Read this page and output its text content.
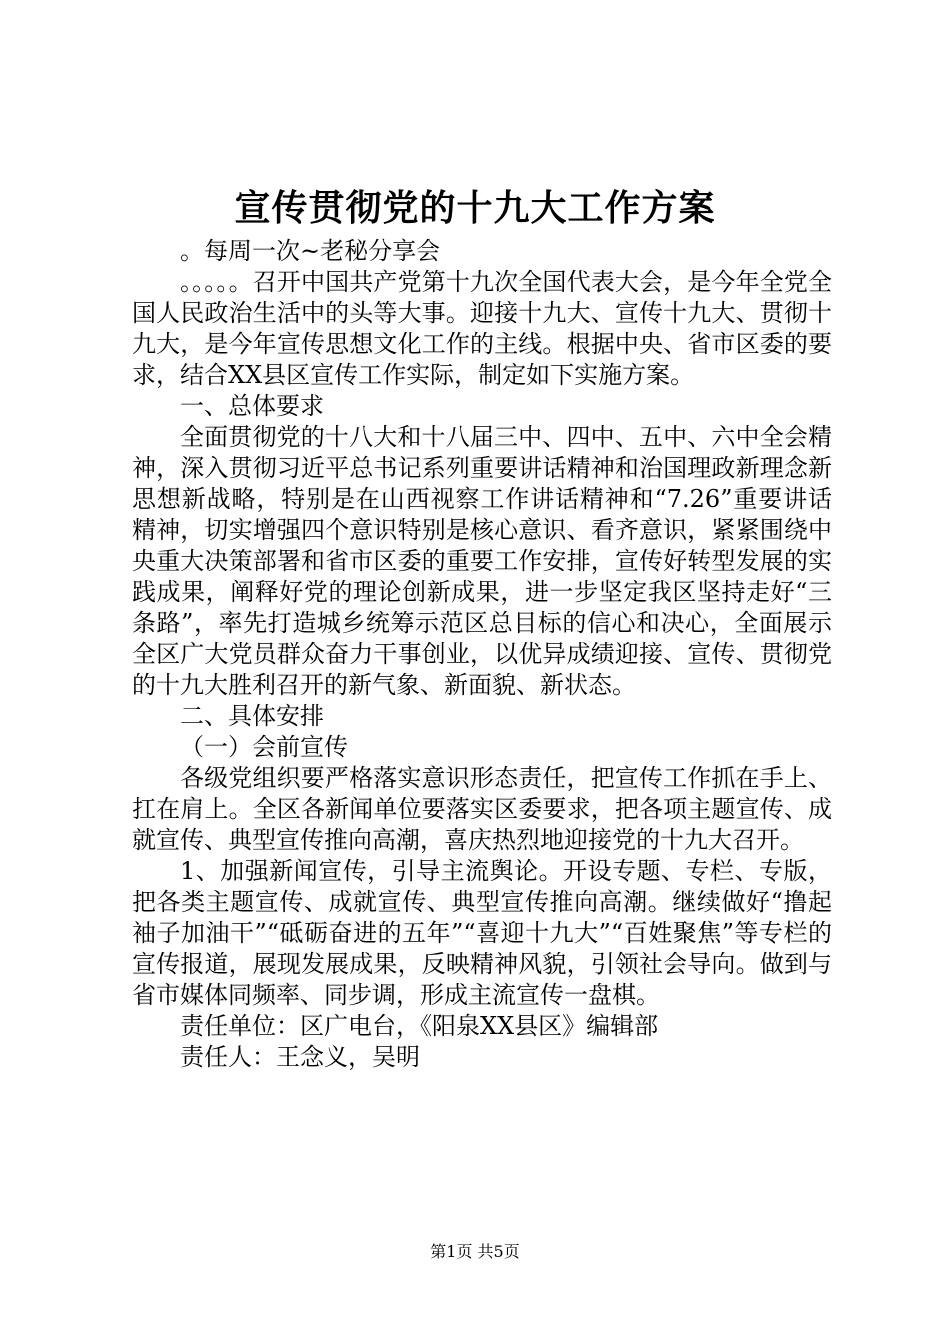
宣传贯彻党的十九大工作方案

。每周一次~老秘分享会

。。。。。召开中国共产党第十九次全国代表大会，是今年全党全国人民政治生活中的头等大事。迎接十九大、宣传十九大、贯彻十九大，是今年宣传思想文化工作的主线。根据中央、省市区委的要求，结合XX县区宣传工作实际，制定如下实施方案。

一、总体要求

全面贯彻党的十八大和十八届三中、四中、五中、六中全会精神，深入贯彻习近平总书记系列重要讲话精神和治国理政新理念新思想新战略，特别是在山西视察工作讲话精神和“7.26”重要讲话精神，切实增强四个意识特别是核心意识、看齐意识，紧紧围绕中央重大决策部署和省市区委的重要工作安排，宣传好转型发展的实践成果，阐释好党的理论创新成果，进一步坚定我区坚持走好“三条路”，率先打造城乡统筹示范区总目标的信心和决心，全面展示全区广大党员群众奋力干事创业，以优异成绩迎接、宣传、贯彻党的十九大胜利召开的新气象、新面貌、新状态。

二、具体安排

（一）会前宣传

各级党组织要严格落实意识形态责任，把宣传工作抓在手上、扛在肩上。全区各新闻单位要落实区委要求，把各项主题宣传、成就宣传、典型宣传推向高潮，喜庆热烈地迎接党的十九大召开。

1、加强新闻宣传，引导主流舆论。开设专题、专栏、专版，把各类主题宣传、成就宣传、典型宣传推向高潮。继续做好“撸起袖子加油干”“砥砺奋进的五年”“喜迎十九大”“百姓聚焦”等专栏的宣传报道，展现发展成果，反映精神风貌，引领社会导向。做到与省市媒体同频率、同步调，形成主流宣传一盘棋。

责任单位：区广电台，《阳泉XX县区》编辑部

责任人：王念义，吴明

第1页 共5页
